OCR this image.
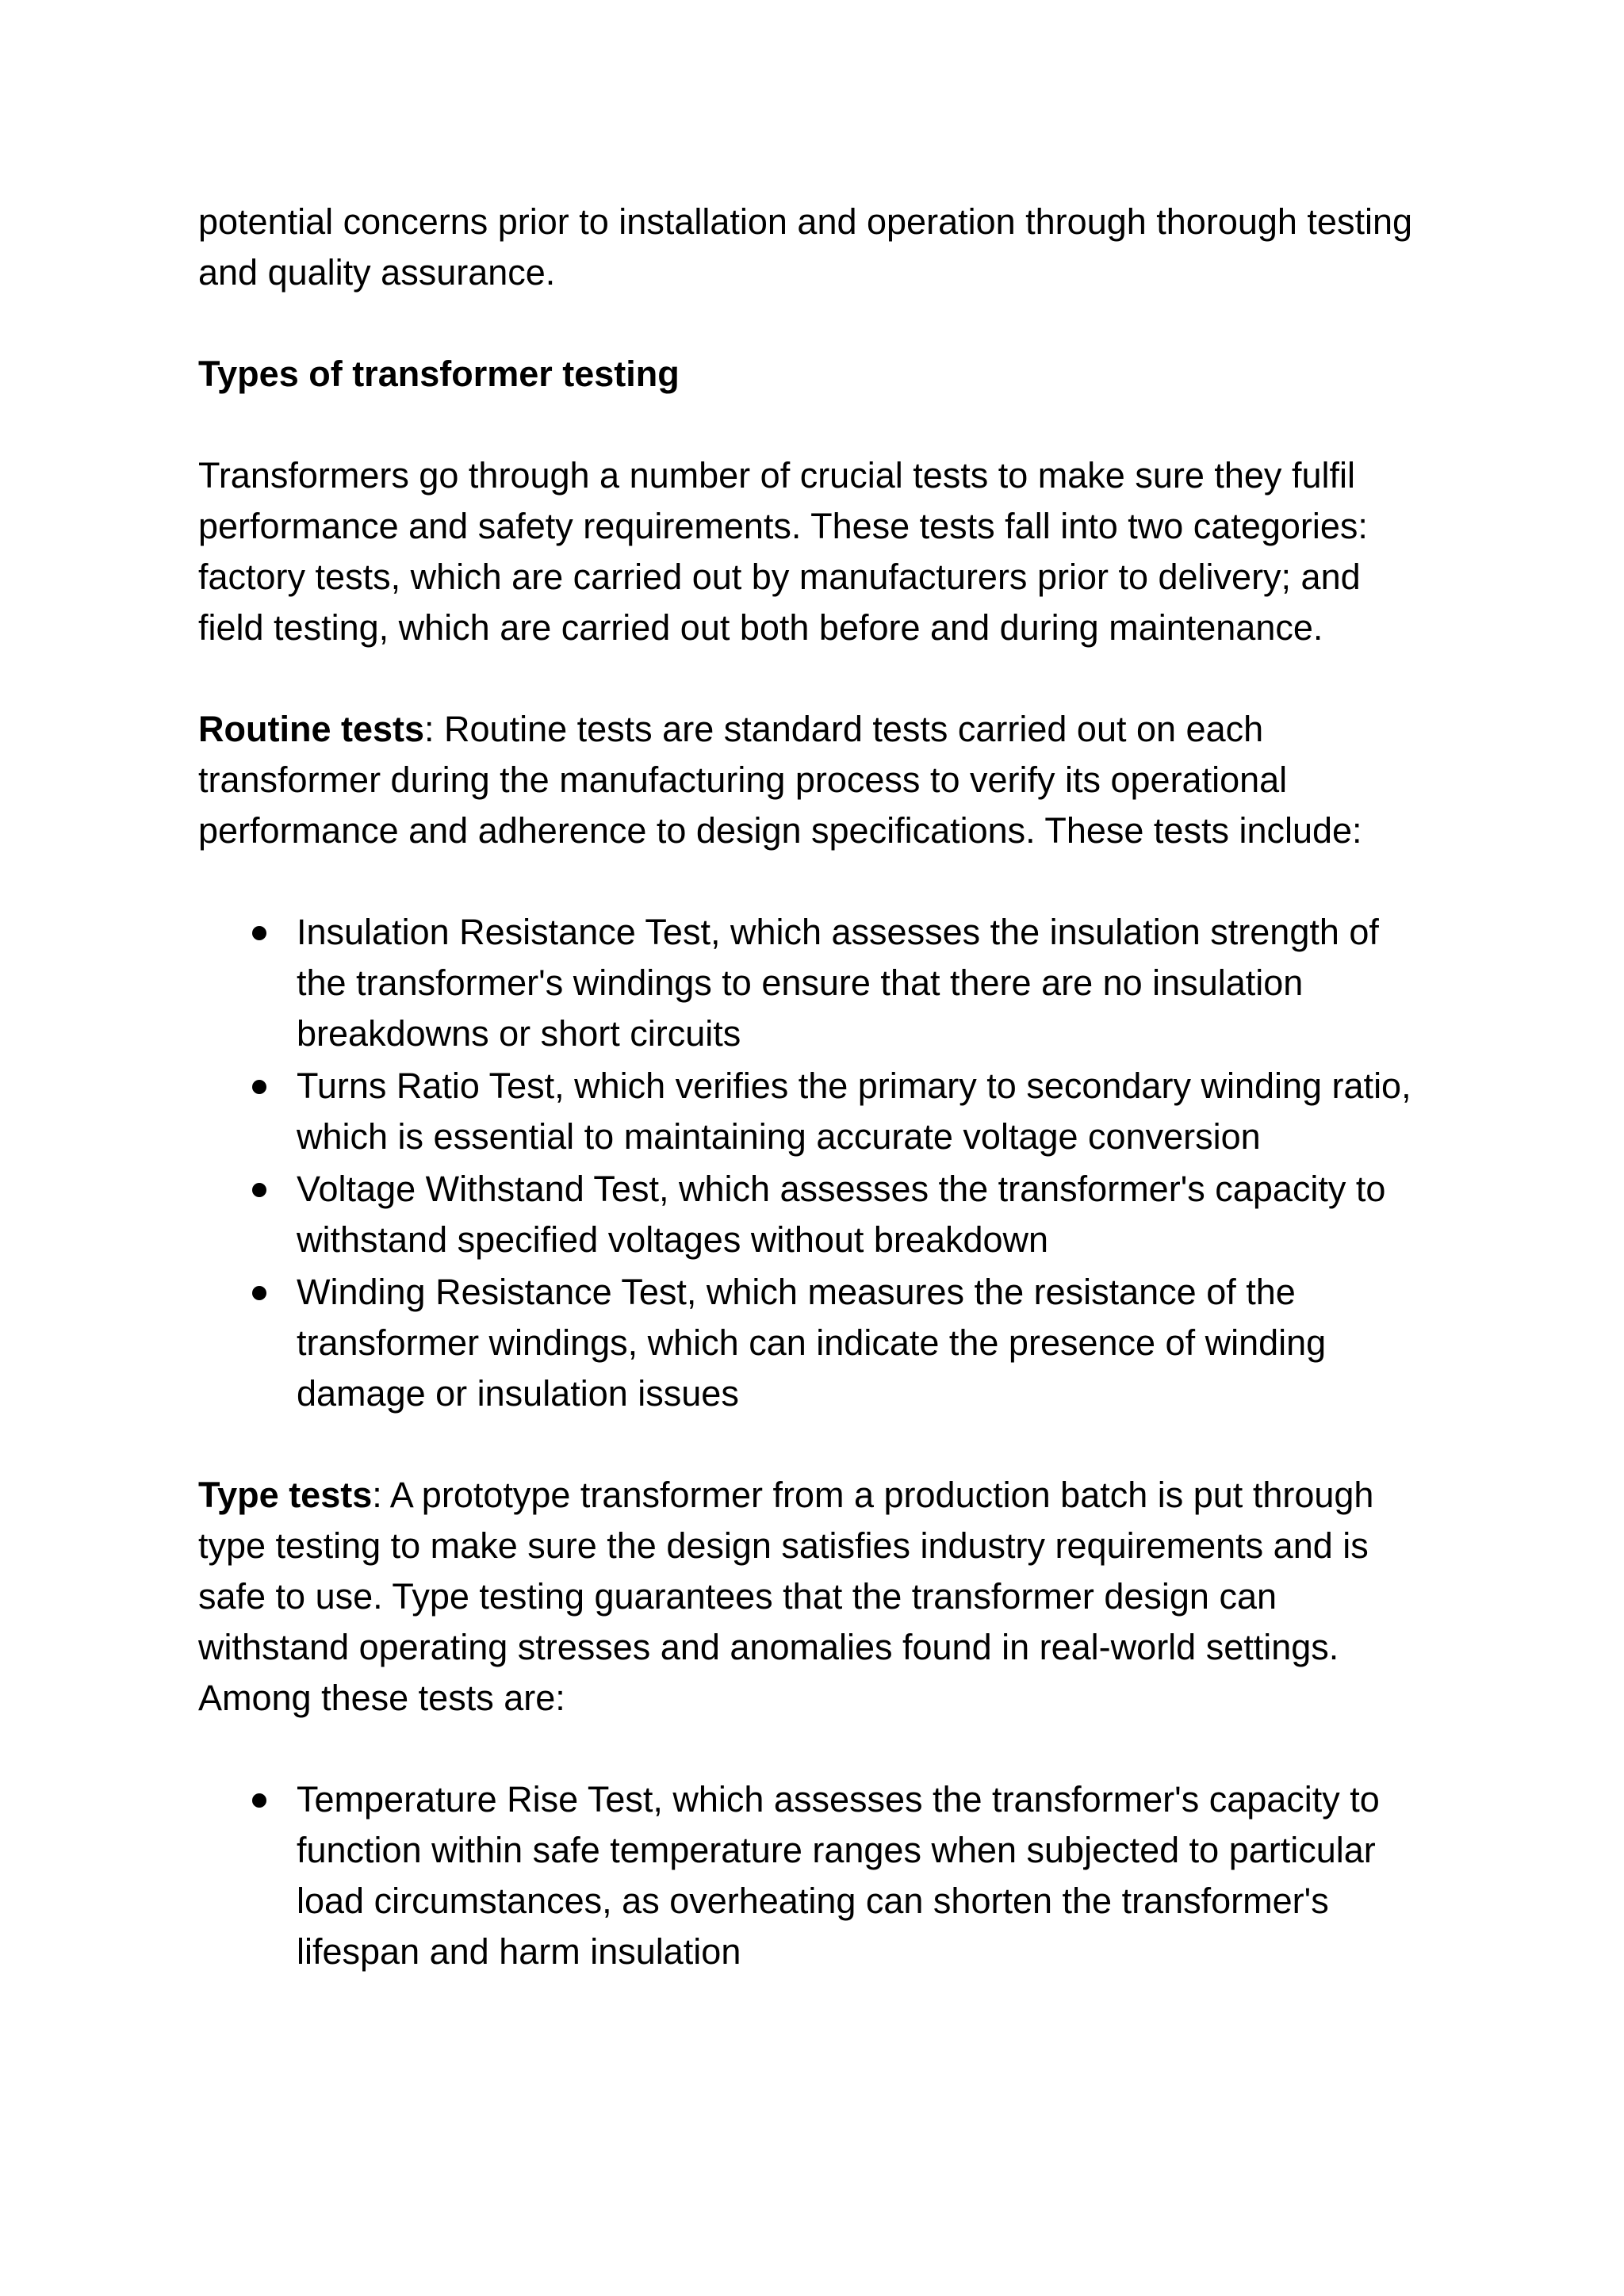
potential concerns prior to installation and operation through thorough testing and quality assurance.

Types of transformer testing

Transformers go through a number of crucial tests to make sure they fulfil performance and safety requirements. These tests fall into two categories: factory tests, which are carried out by manufacturers prior to delivery; and field testing, which are carried out both before and during maintenance.

Routine tests: Routine tests are standard tests carried out on each transformer during the manufacturing process to verify its operational performance and adherence to design specifications. These tests include:

Insulation Resistance Test, which assesses the insulation strength of the transformer's windings to ensure that there are no insulation breakdowns or short circuits
Turns Ratio Test, which verifies the primary to secondary winding ratio, which is essential to maintaining accurate voltage conversion
Voltage Withstand Test, which assesses the transformer's capacity to withstand specified voltages without breakdown
Winding Resistance Test, which measures the resistance of the transformer windings, which can indicate the presence of winding damage or insulation issues

Type tests: A prototype transformer from a production batch is put through type testing to make sure the design satisfies industry requirements and is safe to use. Type testing guarantees that the transformer design can withstand operating stresses and anomalies found in real-world settings. Among these tests are:

Temperature Rise Test, which assesses the transformer's capacity to function within safe temperature ranges when subjected to particular load circumstances, as overheating can shorten the transformer's lifespan and harm insulation
